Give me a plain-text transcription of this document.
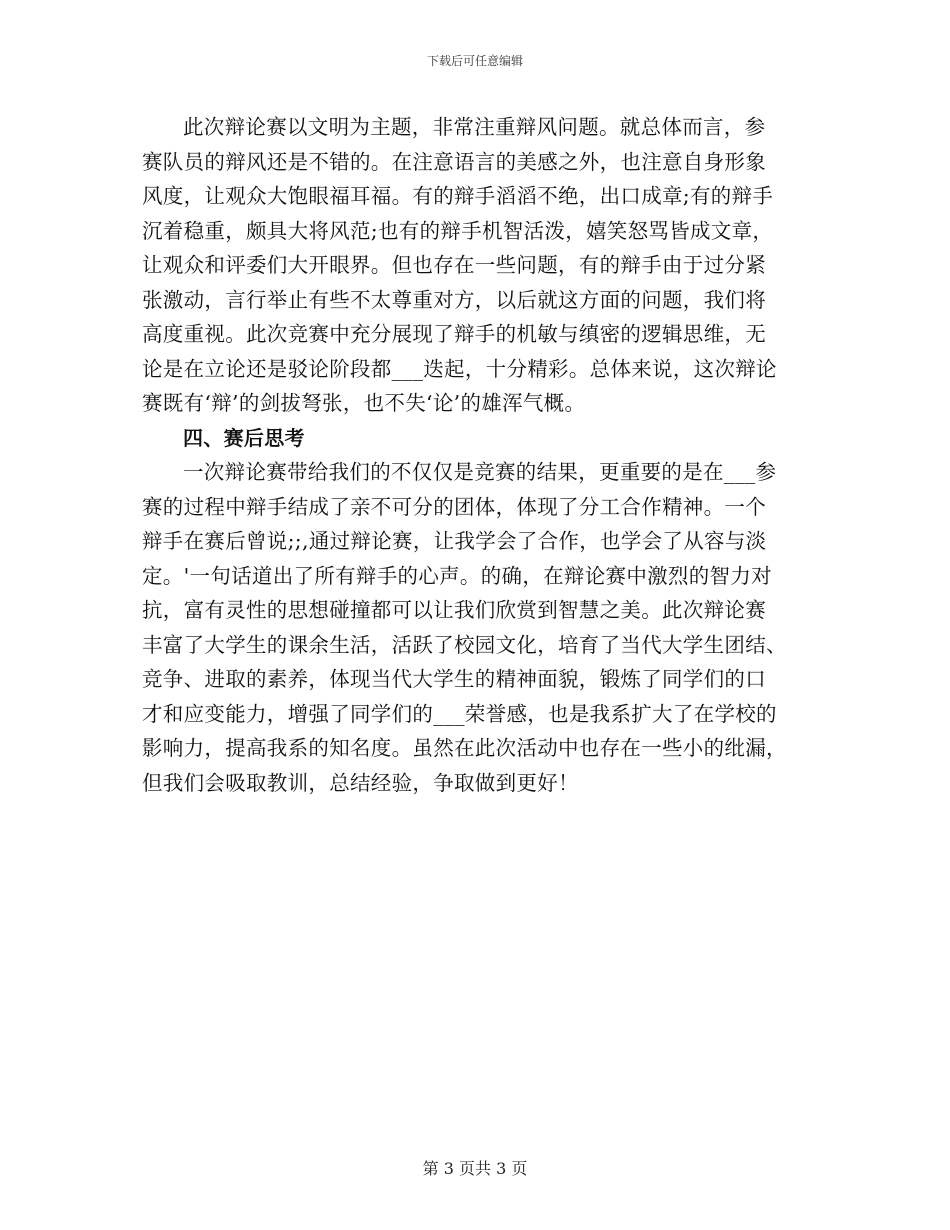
下载后可任意编辑
此次辩论赛以文明为主题，非常注重辩风问题。就总体而言，参
赛队员的辩风还是不错的。在注意语言的美感之外，也注意自身形象
风度，让观众大饱眼福耳福。有的辩手滔滔不绝，出口成章;有的辩手
沉着稳重，颇具大将风范;也有的辩手机智活泼，嬉笑怒骂皆成文章，
让观众和评委们大开眼界。但也存在一些问题，有的辩手由于过分紧
张激动，言行举止有些不太尊重对方，以后就这方面的问题，我们将
高度重视。此次竞赛中充分展现了辩手的机敏与缜密的逻辑思维，无
论是在立论还是驳论阶段都___迭起，十分精彩。总体来说，这次辩论
赛既有‘辩’的剑拔弩张，也不失‘论’的雄浑气概。
四、赛后思考
一次辩论赛带给我们的不仅仅是竞赛的结果，更重要的是在___参
赛的过程中辩手结成了亲不可分的团体，体现了分工合作精神。一个
辩手在赛后曾说;;,通过辩论赛，让我学会了合作，也学会了从容与淡
定。'一句话道出了所有辩手的心声。的确，在辩论赛中激烈的智力对
抗，富有灵性的思想碰撞都可以让我们欣赏到智慧之美。此次辩论赛
丰富了大学生的课余生活，活跃了校园文化，培育了当代大学生团结、
竞争、进取的素养，体现当代大学生的精神面貌，锻炼了同学们的口
才和应变能力，增强了同学们的___荣誉感，也是我系扩大了在学校的
影响力，提高我系的知名度。虽然在此次活动中也存在一些小的纰漏，
但我们会吸取教训，总结经验，争取做到更好！
第 3 页共 3 页
